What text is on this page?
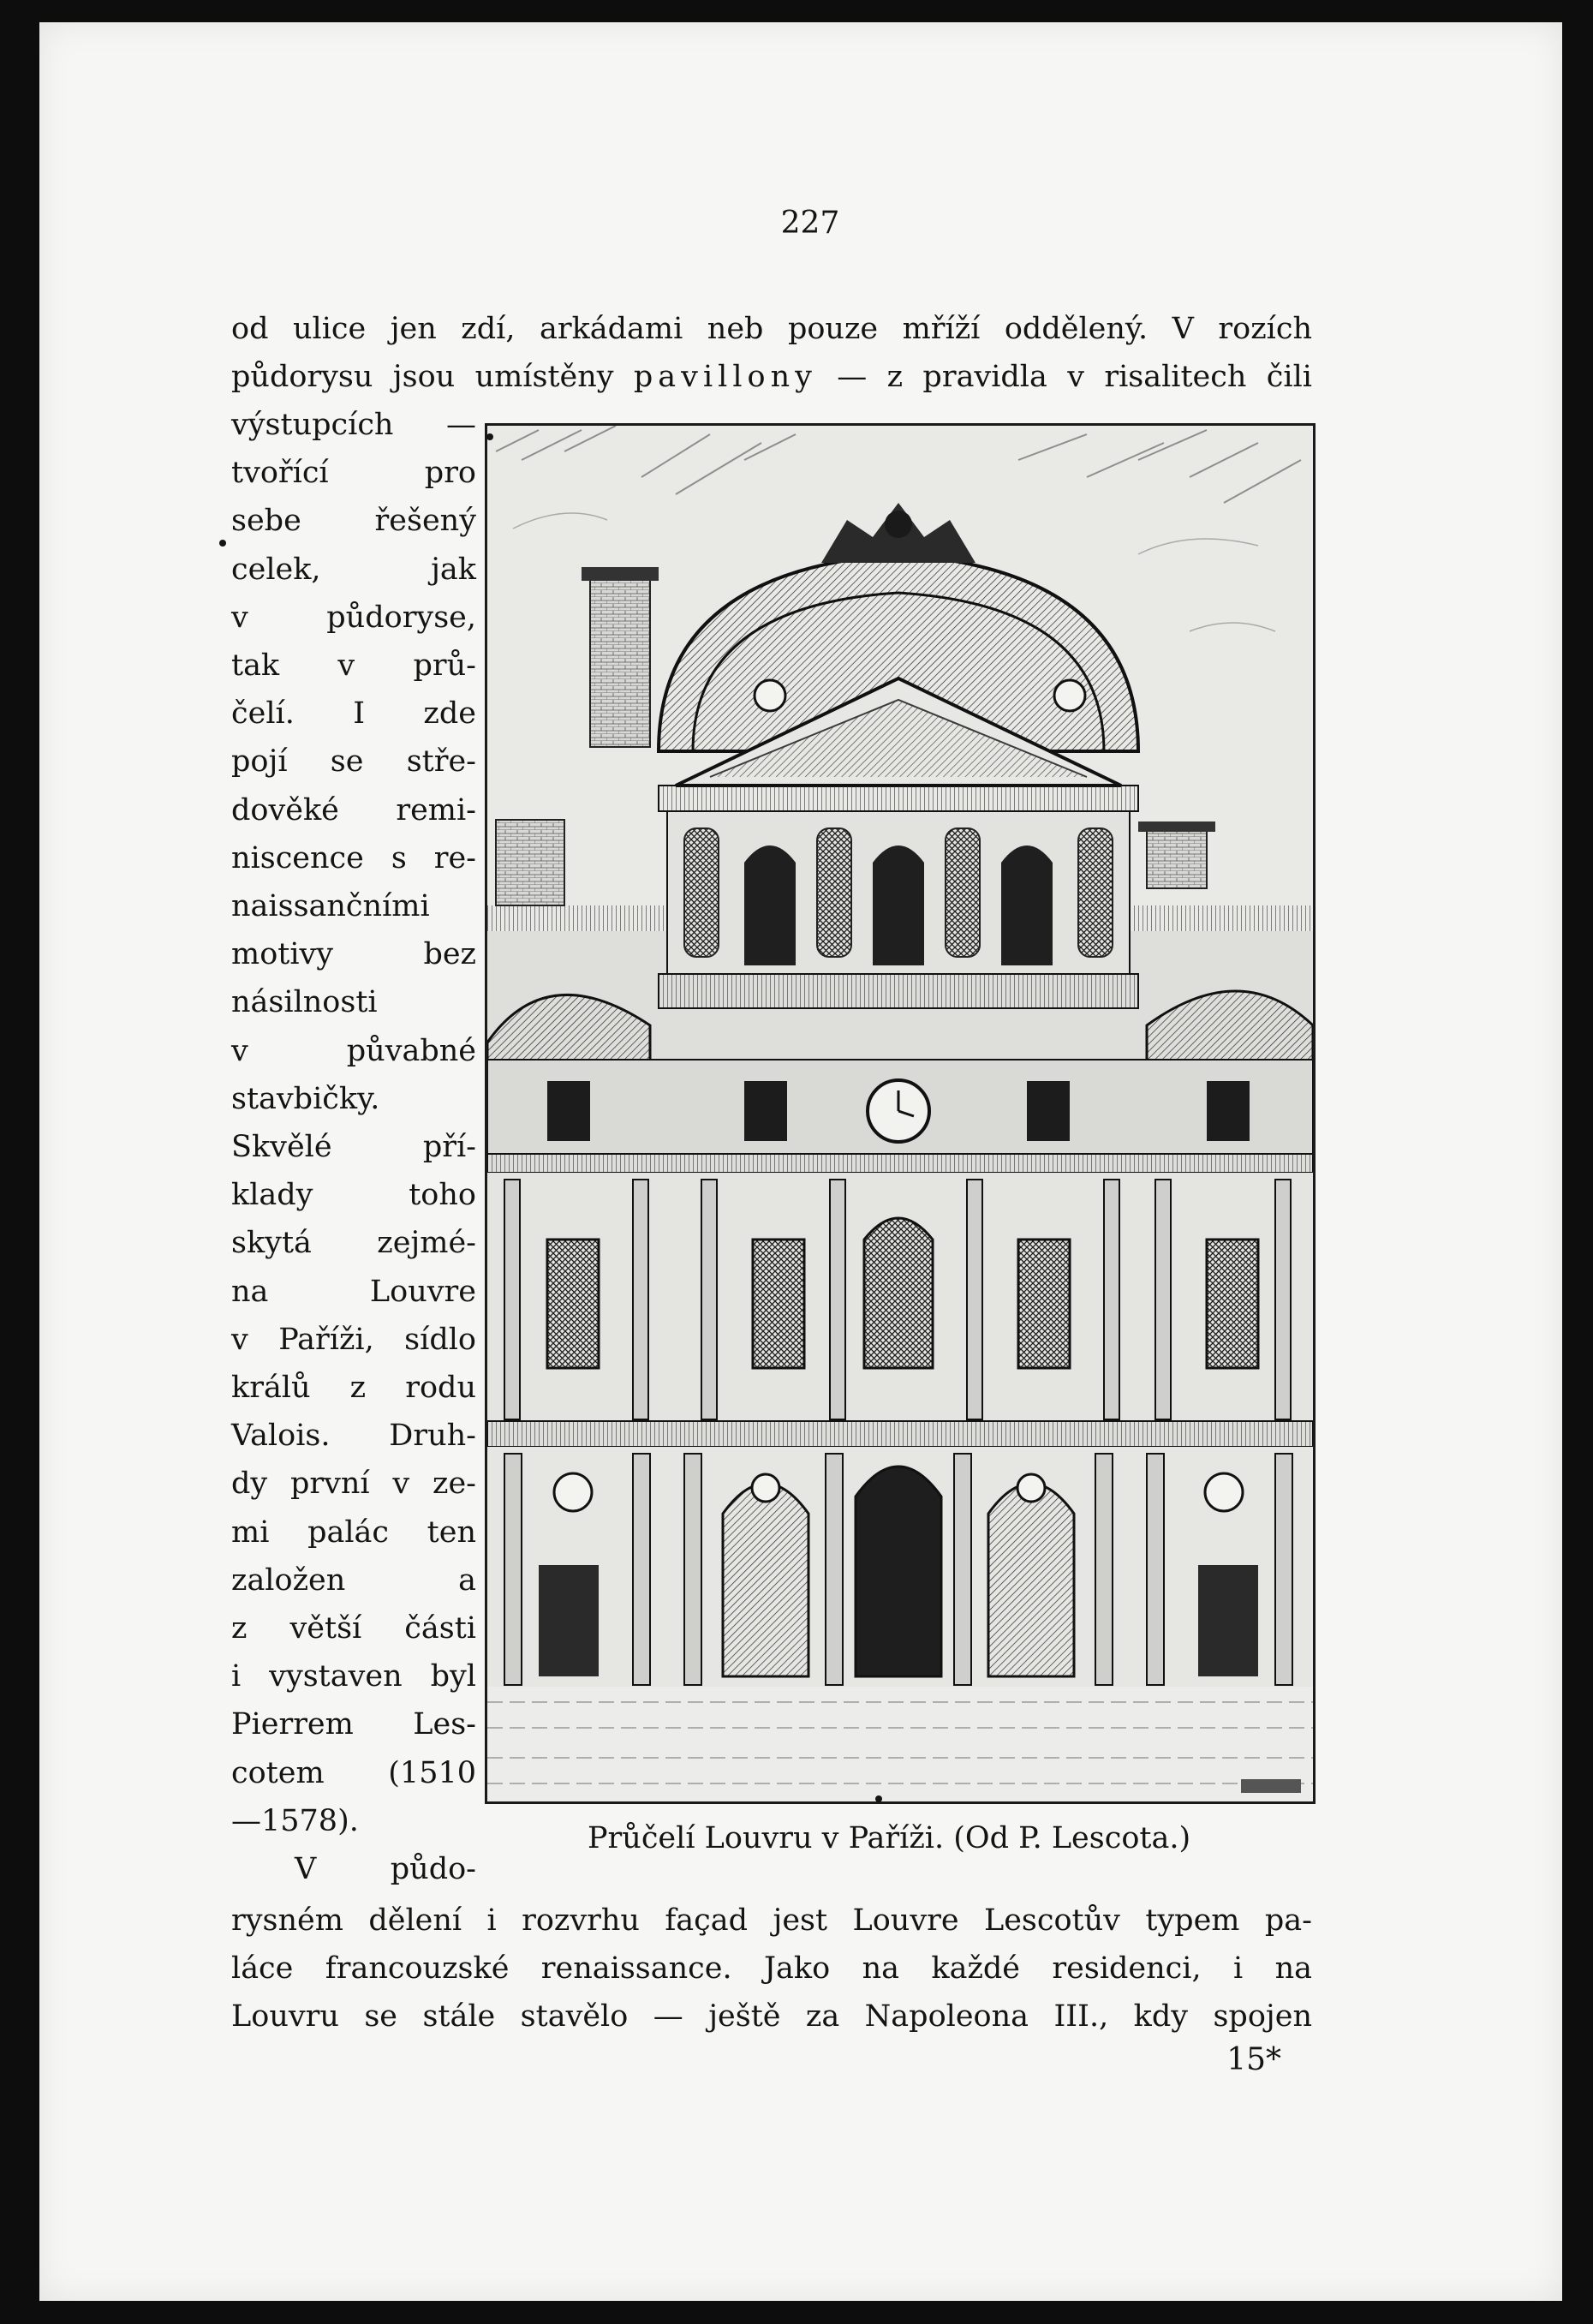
227
od ulice jen zdí, arkádami neb pouze mříží oddělený. V rozích
půdorysu jsou umístěny pavillony — z pravidla v risalitech čili
výstupcích —
tvořící pro
sebe řešený
celek, jak
v půdoryse,
tak v prů-
čelí. I zde
pojí se stře-
dověké remi-
niscence s re-
naissančními
motivy bez
násilnosti
v půvabné
stavbičky.
Skvělé pří-
klady toho
skytá zejmé-
na Louvre
v Paříži, sídlo
králů z rodu
Valois. Druh-
dy první v ze-
mi palác ten
založen a
z větší části
i vystaven byl
Pierrem Les-
cotem (1510
—1578).
V půdo-
Průčelí Louvru v Paříži. (Od P. Lescota.)
rysném dělení i rozvrhu façad jest Louvre Lescotův typem pa-
láce francouzské renaissance. Jako na každé residenci, i na
Louvru se stále stavělo — ještě za Napoleona III., kdy spojen
15*
